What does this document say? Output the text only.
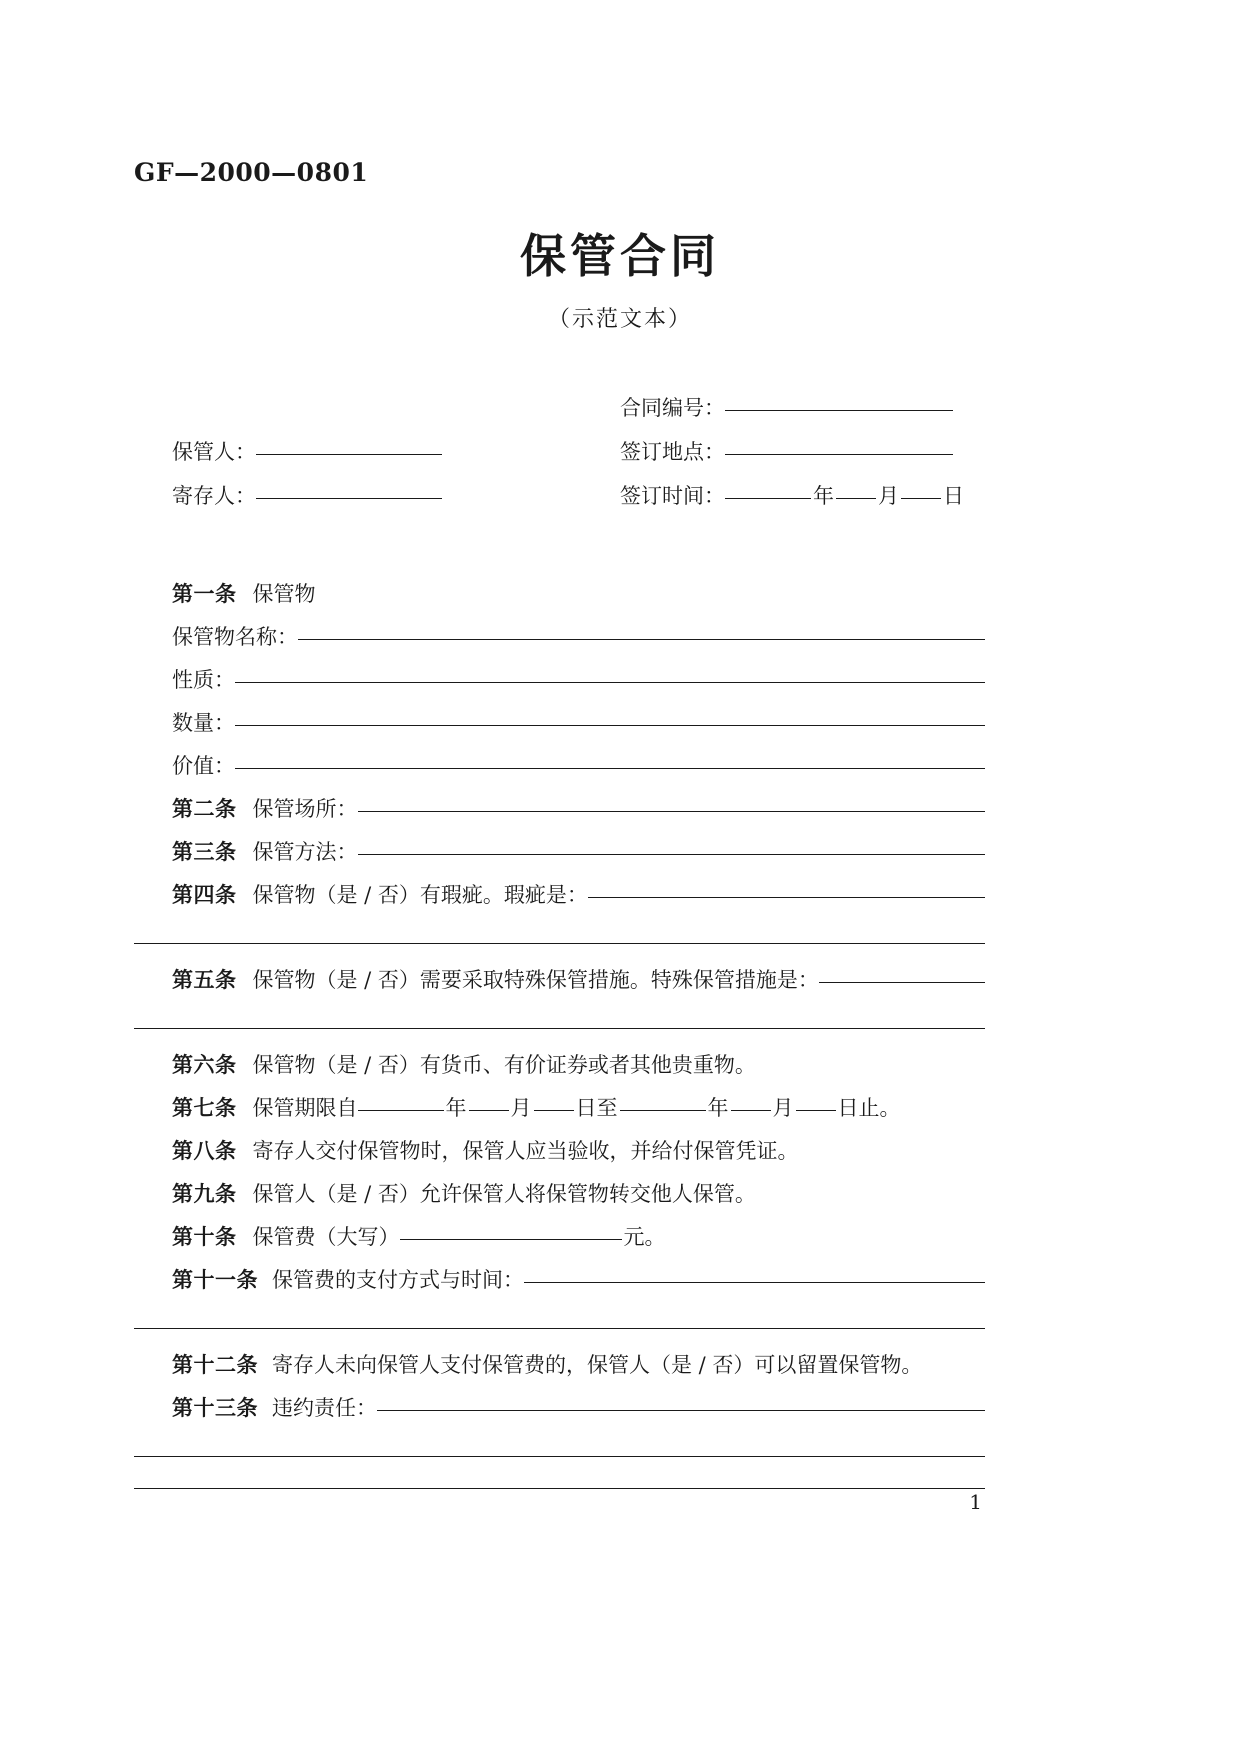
GF—2000—0801
保管合同
（示范文本）
合同编号：
保管人：	签订地点：
寄存人：	签订时间：	年 月 日
第一条 保管物
保管物名称：
性质：
数量：
价值：
第二条 保管场所：
第三条 保管方法：
第四条 保管物（是 / 否）有瑕疵。瑕疵是：
第五条 保管物（是 / 否）需要采取特殊保管措施。特殊保管措施是：
第六条 保管物（是 / 否）有货币、有价证券或者其他贵重物。
第七条 保管期限自	年 月 日至	年 月 日止。
第八条 寄存人交付保管物时，保管人应当验收，并给付保管凭证。
第九条 保管人（是 / 否）允许保管人将保管物转交他人保管。
第十条 保管费（大写）	元。
第十一条 保管费的支付方式与时间：
第十二条 寄存人未向保管人支付保管费的，保管人（是 / 否）可以留置保管物。
第十三条 违约责任：
1
